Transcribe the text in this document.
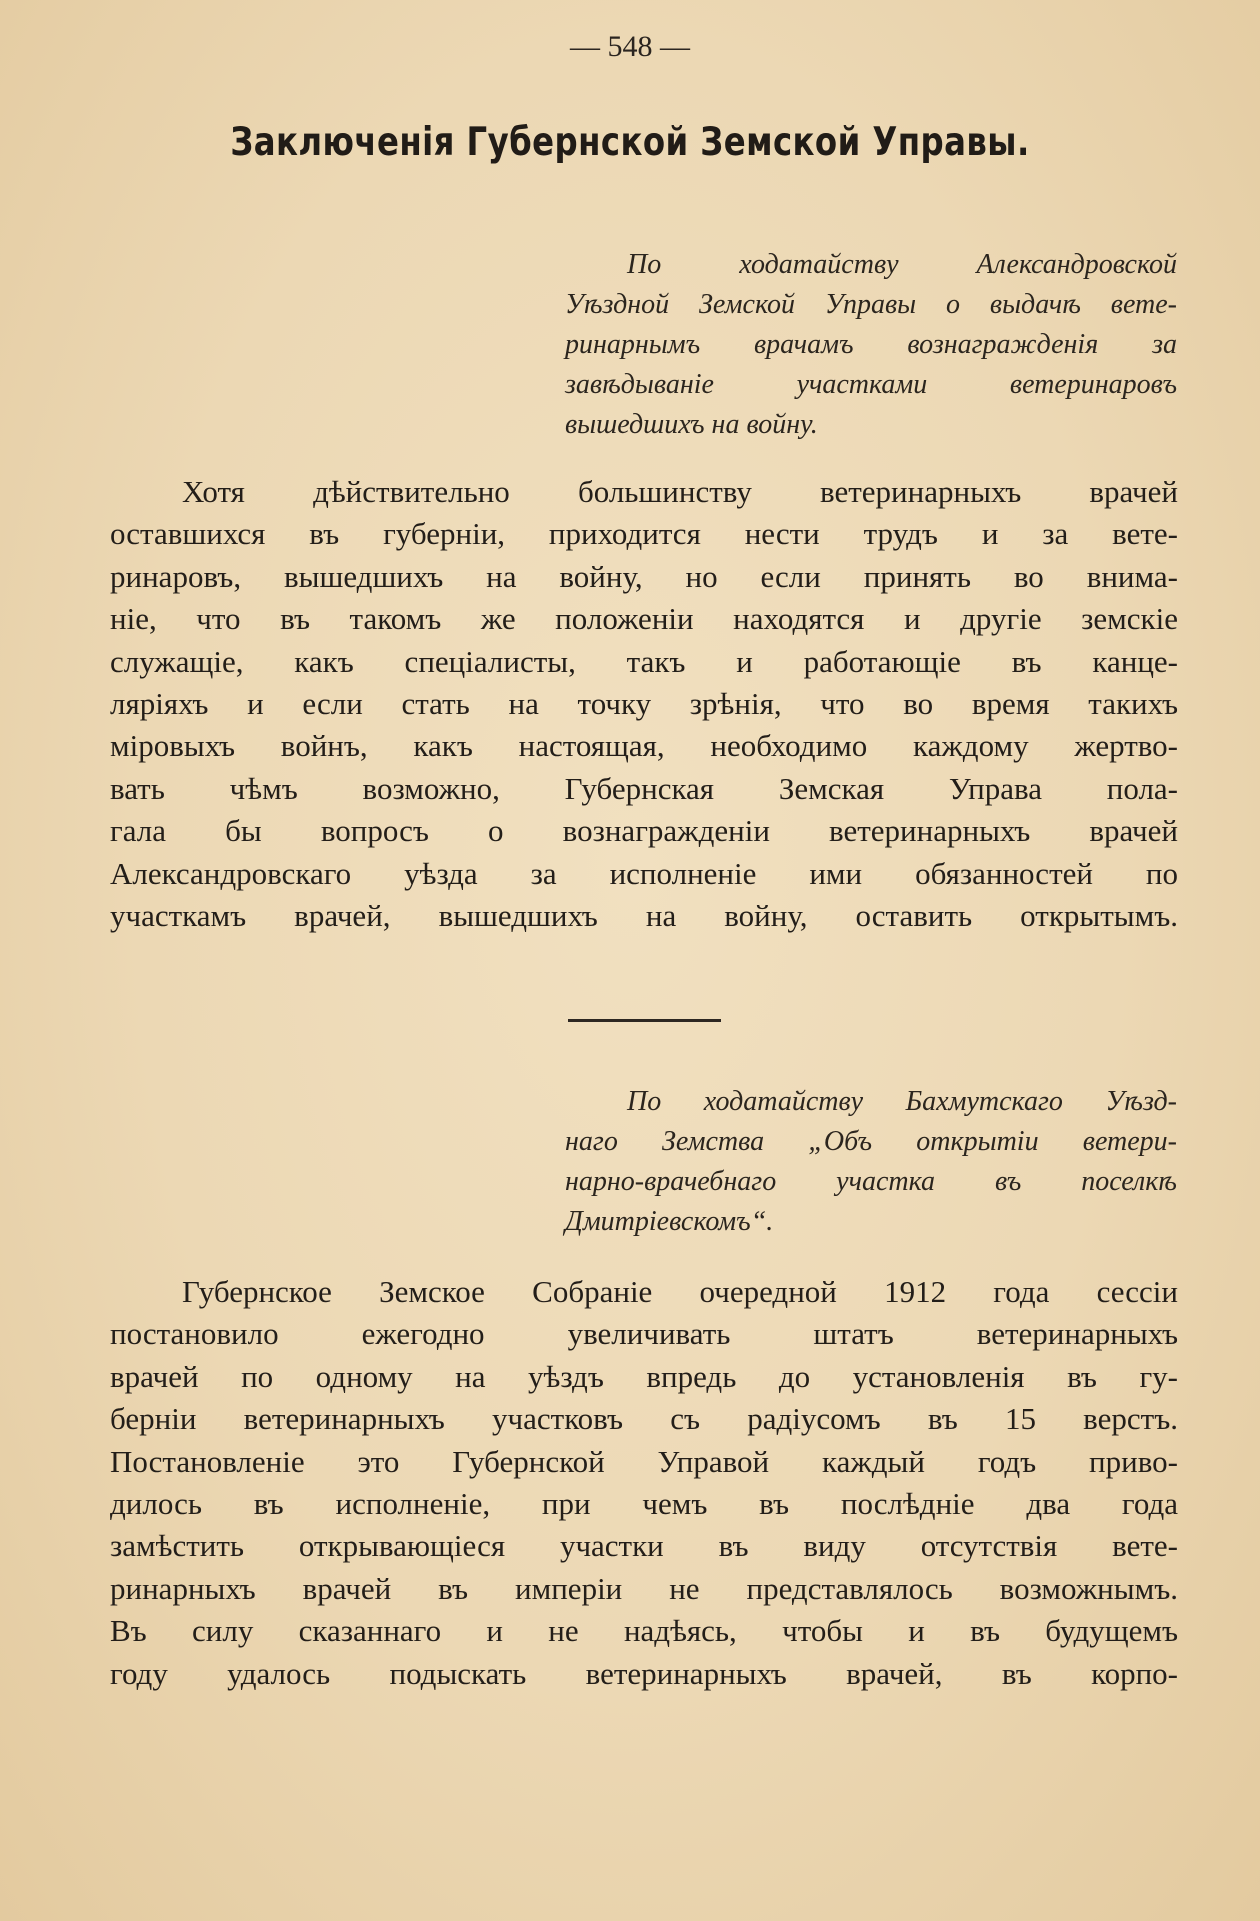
— 548 —
Заключенія Губернской Земской Управы.
По ходатайству Александровской
Уѣздной Земской Управы о выдачѣ вете-
ринарнымъ врачамъ вознагражденія за
завѣдываніе участками ветеринаровъ
вышедшихъ на войну.
Хотя дѣйствительно большинству ветеринарныхъ врачей
оставшихся въ губерніи, приходится нести трудъ и за вете-
ринаровъ, вышедшихъ на войну, но если принять во внима-
ніе, что въ такомъ же положеніи находятся и другіе земскіе
служащіе, какъ спеціалисты, такъ и работающіе въ канце-
ляріяхъ и если стать на точку зрѣнія, что во время такихъ
міровыхъ войнъ, какъ настоящая, необходимо каждому жертво-
вать чѣмъ возможно, Губернская Земская Управа пола-
гала бы вопросъ о вознагражденіи ветеринарныхъ врачей
Александровскаго уѣзда за исполненіе ими обязанностей по
участкамъ врачей, вышедшихъ на войну, оставить открытымъ.
По ходатайству Бахмутскаго Уѣзд-
наго Земства „Объ открытіи ветери-
нарно-врачебнаго участка въ поселкѣ
Дмитріевскомъ“.
Губернское Земское Собраніе очередной 1912 года сессіи
постановило ежегодно увеличивать штатъ ветеринарныхъ
врачей по одному на уѣздъ впредь до установленія въ гу-
берніи ветеринарныхъ участковъ съ радіусомъ въ 15 верстъ.
Постановленіе это Губернской Управой каждый годъ приво-
дилось въ исполненіе, при чемъ въ послѣдніе два года
замѣстить открывающіеся участки въ виду отсутствія вете-
ринарныхъ врачей въ имперіи не представлялось возможнымъ.
Въ силу сказаннаго и не надѣясь, чтобы и въ будущемъ
году удалось подыскать ветеринарныхъ врачей, въ корпо-
